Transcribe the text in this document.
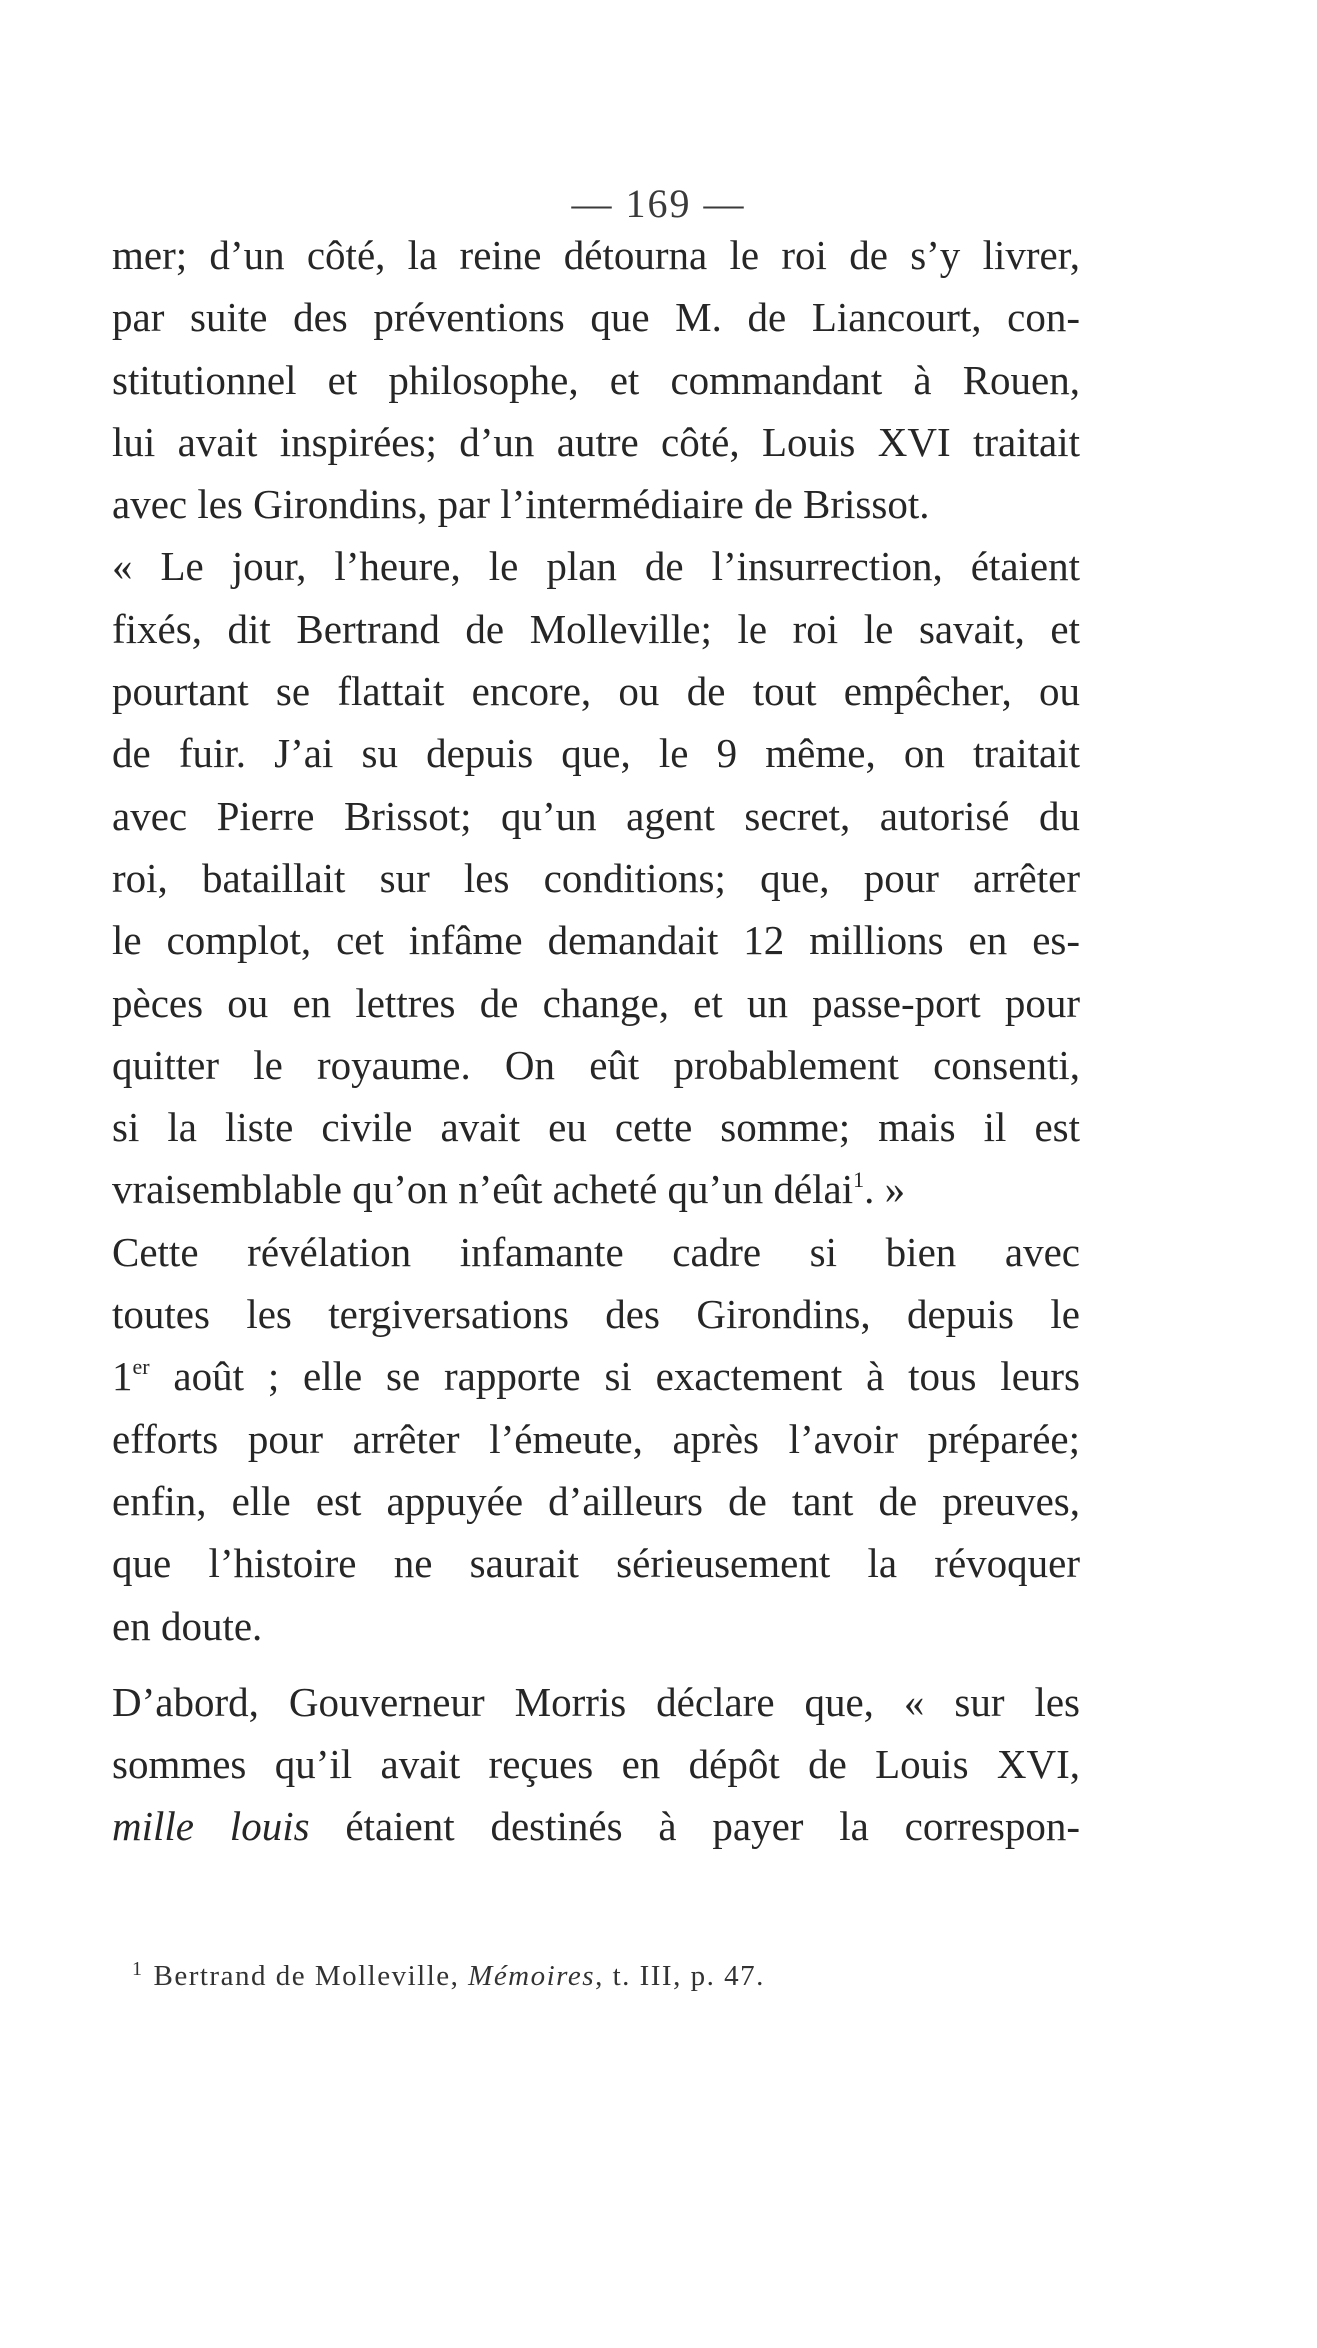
— 169 —
mer; d’un côté, la reine détourna le roi de s’y livrer,
par suite des préventions que M. de Liancourt, con-
stitutionnel et philosophe, et commandant à Rouen,
lui avait inspirées; d’un autre côté, Louis XVI traitait
avec les Girondins, par l’intermédiaire de Brissot.
« Le jour, l’heure, le plan de l’insurrection, étaient
fixés, dit Bertrand de Molleville; le roi le savait, et
pourtant se flattait encore, ou de tout empêcher, ou
de fuir. J’ai su depuis que, le 9 même, on traitait
avec Pierre Brissot; qu’un agent secret, autorisé du
roi, bataillait sur les conditions; que, pour arrêter
le complot, cet infâme demandait 12 millions en es-
pèces ou en lettres de change, et un passe-port pour
quitter le royaume. On eût probablement consenti,
si la liste civile avait eu cette somme; mais il est
vraisemblable qu’on n’eût acheté qu’un délai$^1$. »
Cette révélation infamante cadre si bien avec
toutes les tergiversations des Girondins, depuis le
1er août ; elle se rapporte si exactement à tous leurs
efforts pour arrêter l’émeute, après l’avoir préparée;
enfin, elle est appuyée d’ailleurs de tant de preuves,
que l’histoire ne saurait sérieusement la révoquer
en doute.
D’abord, Gouverneur Morris déclare que, « sur les
sommes qu’il avait reçues en dépôt de Louis XVI,
mille louis étaient destinés à payer la correspon-
$^1$ Bertrand de Molleville, Mémoires, t. III, p. 47.
